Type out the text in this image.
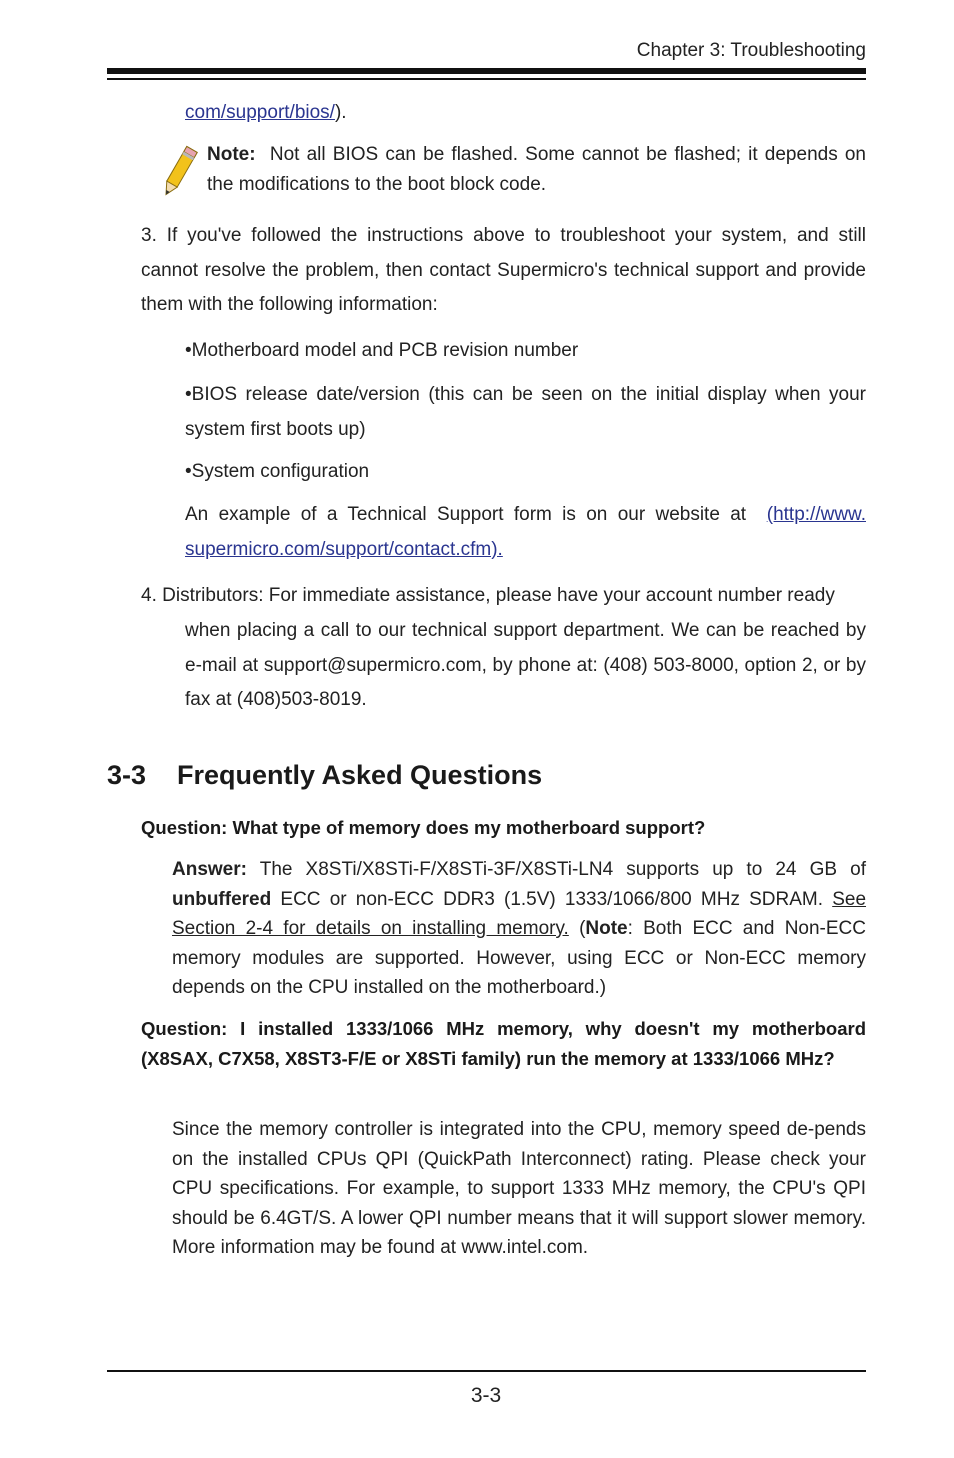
Chapter 3: Troubleshooting
com/support/bios/).
Note: Not all BIOS can be flashed. Some cannot be flashed; it depends on the modifications to the boot block code.
3. If you've followed the instructions above to troubleshoot your system, and still cannot resolve the problem, then contact Supermicro's technical support and provide them with the following information:
•Motherboard model and PCB revision number
•BIOS release date/version (this can be seen on the initial display when your system first boots up)
•System configuration
An example of a Technical Support form is on our website at (http://www. supermicro.com/support/contact.cfm).
4. Distributors: For immediate assistance, please have your account number ready
when placing a call to our technical support department. We can be reached by e-mail at support@supermicro.com, by phone at: (408) 503-8000, option 2, or by fax at (408)503-8019.
3-3 Frequently Asked Questions
Question: What type of memory does my motherboard support?
Answer: The X8STi/X8STi-F/X8STi-3F/X8STi-LN4 supports up to 24 GB of unbuffered ECC or non-ECC DDR3 (1.5V) 1333/1066/800 MHz SDRAM. See Section 2-4 for details on installing memory. (Note: Both ECC and Non-ECC memory modules are supported. However, using ECC or Non-ECC memory depends on the CPU installed on the motherboard.)
Question: I installed 1333/1066 MHz memory, why doesn't my motherboard (X8SAX, C7X58, X8ST3-F/E or X8STi family) run the memory at 1333/1066 MHz?
Since the memory controller is integrated into the CPU, memory speed de-pends on the installed CPUs QPI (QuickPath Interconnect) rating. Please check your CPU specifications. For example, to support 1333 MHz memory, the CPU's QPI should be 6.4GT/S. A lower QPI number means that it will support slower memory. More information may be found at www.intel.com.
3-3
